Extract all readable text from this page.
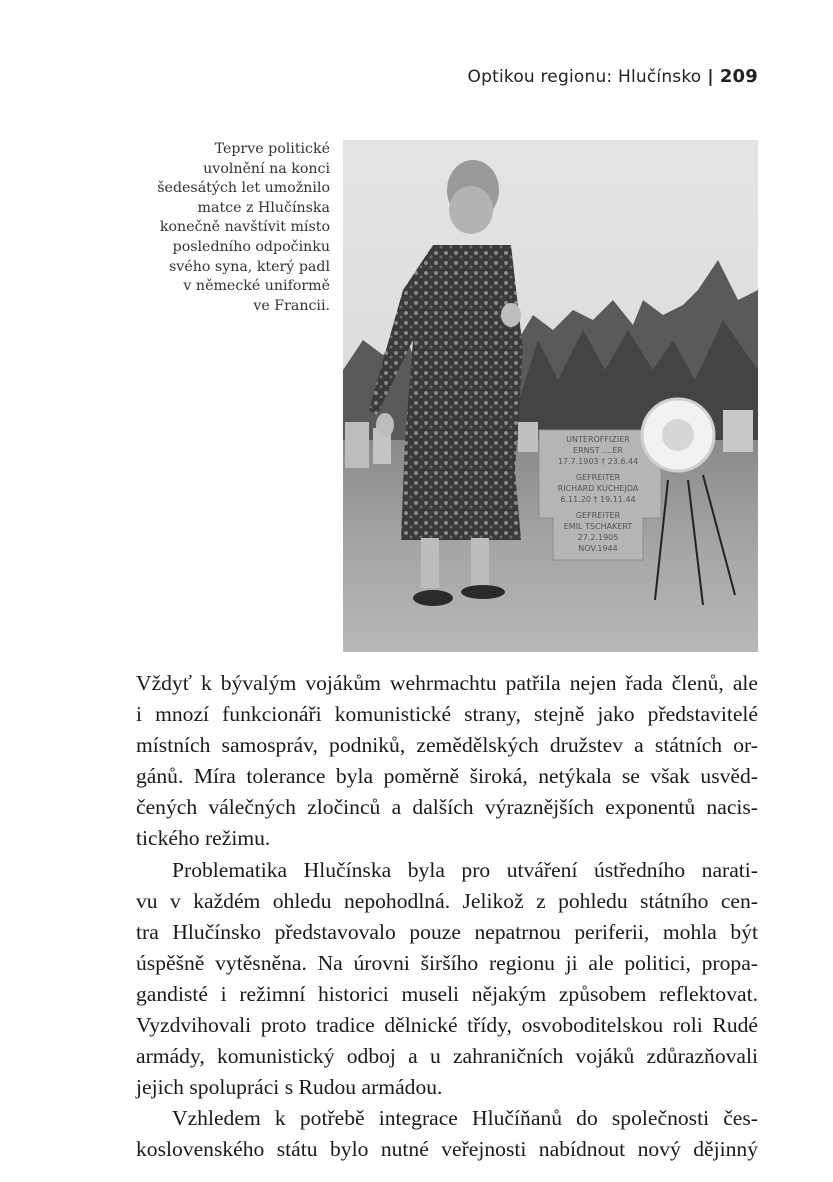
Optikou regionu: Hlučínsko | 209
Teprve politické
uvolnění na konci
šedesátých let umožnilo
matce z Hlučínska
konečně navštívit místo
posledního odpočinku
svého syna, který padl
v německé uniformě
ve Francii.
UNTEROFFIZIER
ERNST ....ER
17.7.1903 † 23.6.44
GEFREITER
RICHARD KUCHEJDA
6.11.20 † 19.11.44
GEFREITER
EMIL TSCHAKERT
27.2.1905
NOV.1944
Vždyť k bývalým vojákům wehrmachtu patřila nejen řada členů, ale
i mnozí funkcionáři komunistické strany, stejně jako představitelé
místních samospráv, podniků, zemědělských družstev a státních or-
gánů. Míra tolerance byla poměrně široká, netýkala se však usvěd-
čených válečných zločinců a dalších výraznějších exponentů nacis-
tického režimu.
Problematika Hlučínska byla pro utváření ústředního narati-
vu v každém ohledu nepohodlná. Jelikož z pohledu státního cen-
tra Hlučínsko představovalo pouze nepatrnou periferii, mohla být
úspěšně vytěsněna. Na úrovni širšího regionu ji ale politici, propa-
gandisté i režimní historici museli nějakým způsobem reflektovat.
Vyzdvihovali proto tradice dělnické třídy, osvoboditelskou roli Rudé
armády, komunistický odboj a u zahraničních vojáků zdůrazňovali
jejich spolupráci s Rudou armádou.
Vzhledem k potřebě integrace Hlučíňanů do společnosti čes-
koslovenského státu bylo nutné veřejnosti nabídnout nový dějinný
